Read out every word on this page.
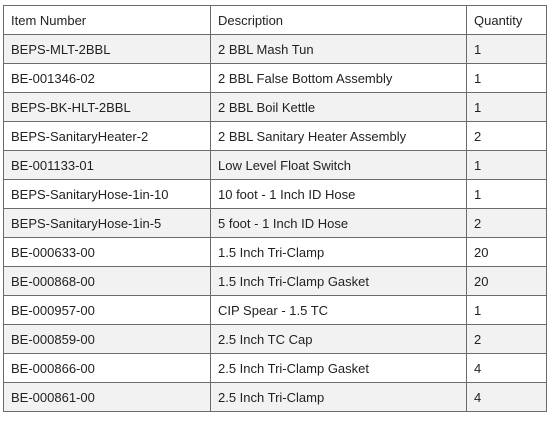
Item Number	Description	Quantity
BEPS-MLT-2BBL	2 BBL Mash Tun	1
BE-001346-02	2 BBL False Bottom Assembly	1
BEPS-BK-HLT-2BBL	2 BBL Boil Kettle	1
BEPS-SanitaryHeater-2	2 BBL Sanitary Heater Assembly	2
BE-001133-01	Low Level Float Switch	1
BEPS-SanitaryHose-1in-10	10 foot - 1 Inch ID Hose	1
BEPS-SanitaryHose-1in-5	5 foot - 1 Inch ID Hose	2
BE-000633-00	1.5 Inch Tri-Clamp	20
BE-000868-00	1.5 Inch Tri-Clamp Gasket	20
BE-000957-00	CIP Spear - 1.5 TC	1
BE-000859-00	2.5 Inch TC Cap	2
BE-000866-00	2.5 Inch Tri-Clamp Gasket	4
BE-000861-00	2.5 Inch Tri-Clamp	4
